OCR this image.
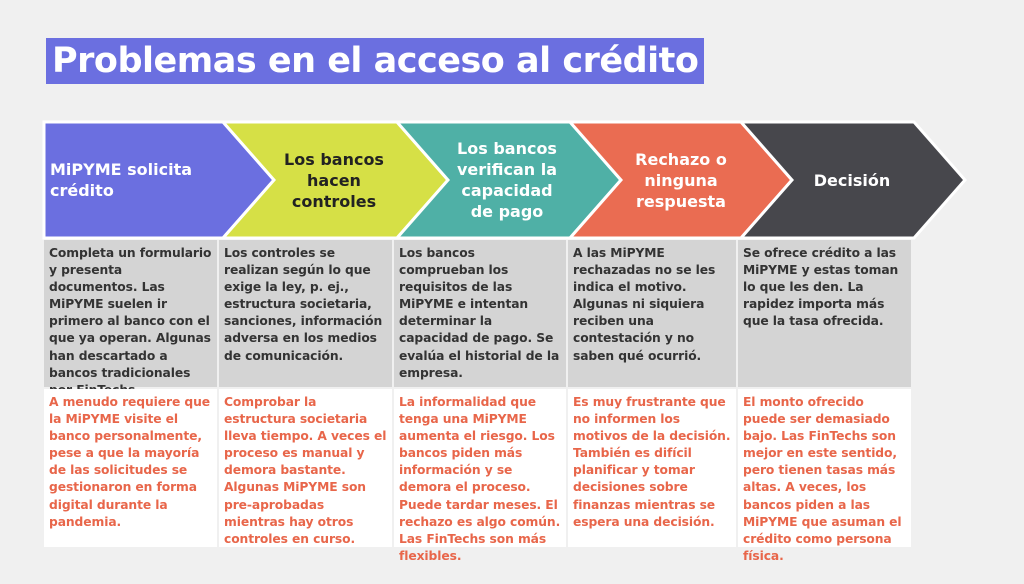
Problemas en el acceso al crédito
MiPYME solicita crédito
Los bancos hacen controles
Los bancos verifican la capacidad de pago
Rechazo o ninguna respuesta
Decisión
Completa un formulario y presenta documentos. Las MiPYME suelen ir primero al banco con el que ya operan. Algunas han descartado a bancos tradicionales
Los controles se realizan según lo que exige la ley, p. ej., estructura societaria, sanciones, información adversa en los medios de comunicación.
Los bancos comprueban los requisitos de las MiPYME e intentan determinar la capacidad de pago. Se evalúa el historial de la empresa.
A las MiPYME rechazadas no se les indica el motivo. Algunas ni siquiera reciben una contestación y no saben qué ocurrió.
Se ofrece crédito a las MiPYME y estas toman lo que les den. La rapidez importa más que la tasa ofrecida.
A menudo requiere que la MiPYME visite el banco personalmente, pese a que la mayoría de las solicitudes se gestionaron en forma digital durante la pandemia.
Comprobar la estructura societaria lleva tiempo. A veces el proceso es manual y demora bastante. Algunas MiPYME son pre-aprobadas mientras hay otros controles en curso.
La informalidad que tenga una MiPYME aumenta el riesgo. Los bancos piden más información y se demora el proceso. Puede tardar meses. El rechazo es algo común. Las FinTechs son más flexibles.
Es muy frustrante que no informen los motivos de la decisión. También es difícil planificar y tomar decisiones sobre finanzas mientras se espera una decisión.
El monto ofrecido puede ser demasiado bajo. Las FinTechs son mejor en este sentido, pero tienen tasas más altas. A veces, los bancos piden a las MiPYME que asuman el crédito como persona física.
